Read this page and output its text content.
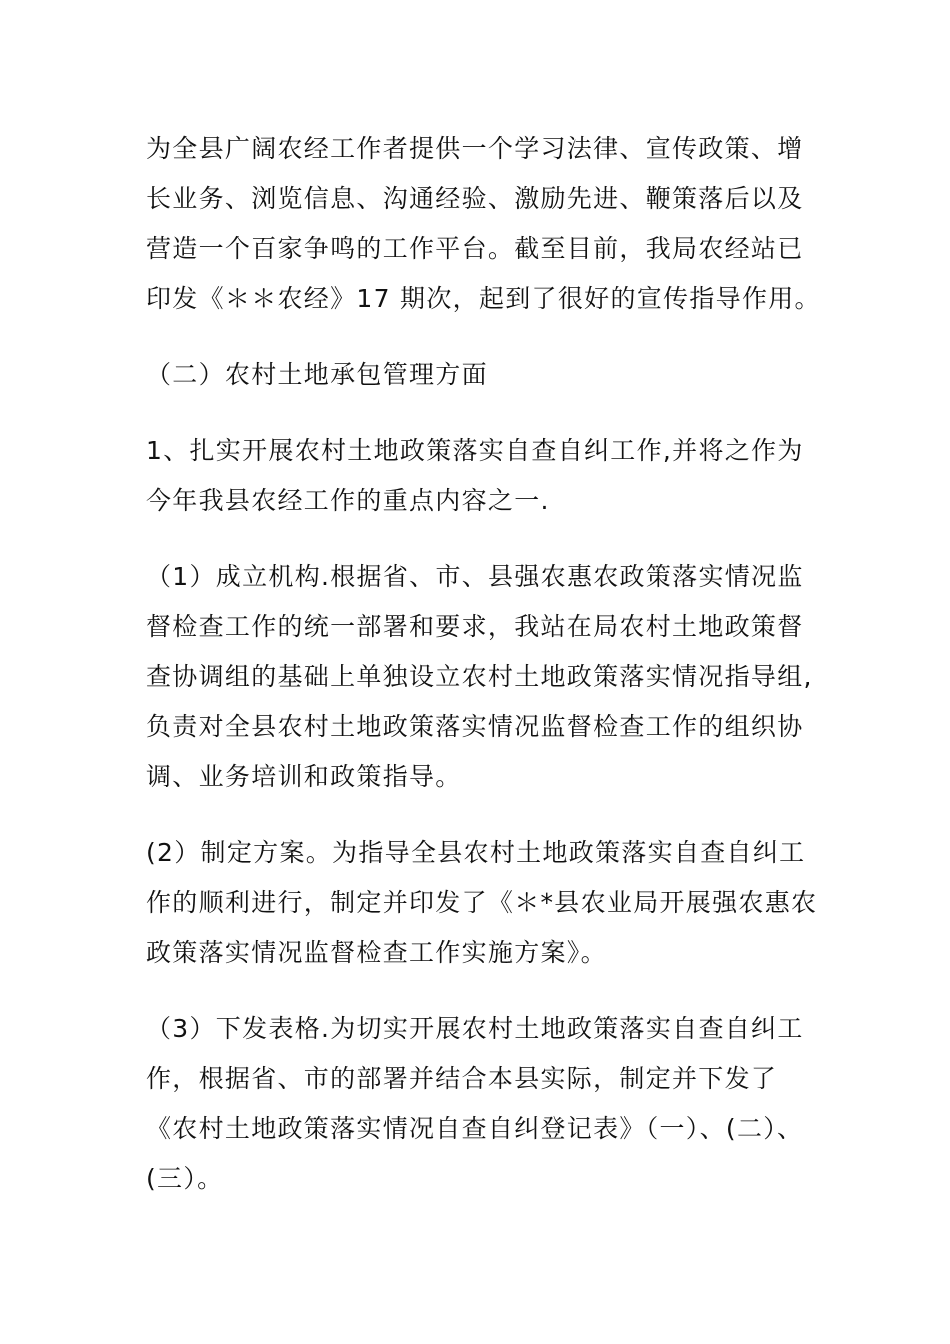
为全县广阔农经工作者提供一个学习法律、宣传政策、增
长业务、浏览信息、沟通经验、激励先进、鞭策落后以及
营造一个百家争鸣的工作平台。截至目前，我局农经站已
印发《＊＊农经》17 期次，起到了很好的宣传指导作用。
（二）农村土地承包管理方面
1、扎实开展农村土地政策落实自查自纠工作,并将之作为
今年我县农经工作的重点内容之一.
（1）成立机构.根据省、市、县强农惠农政策落实情况监
督检查工作的统一部署和要求，我站在局农村土地政策督
查协调组的基础上单独设立农村土地政策落实情况指导组,
负责对全县农村土地政策落实情况监督检查工作的组织协
调、业务培训和政策指导。
(2）制定方案。为指导全县农村土地政策落实自查自纠工
作的顺利进行，制定并印发了《＊*县农业局开展强农惠农
政策落实情况监督检查工作实施方案》。
（3）下发表格.为切实开展农村土地政策落实自查自纠工
作，根据省、市的部署并结合本县实际，制定并下发了
《农村土地政策落实情况自查自纠登记表》（一）、(二）、
(三）。
